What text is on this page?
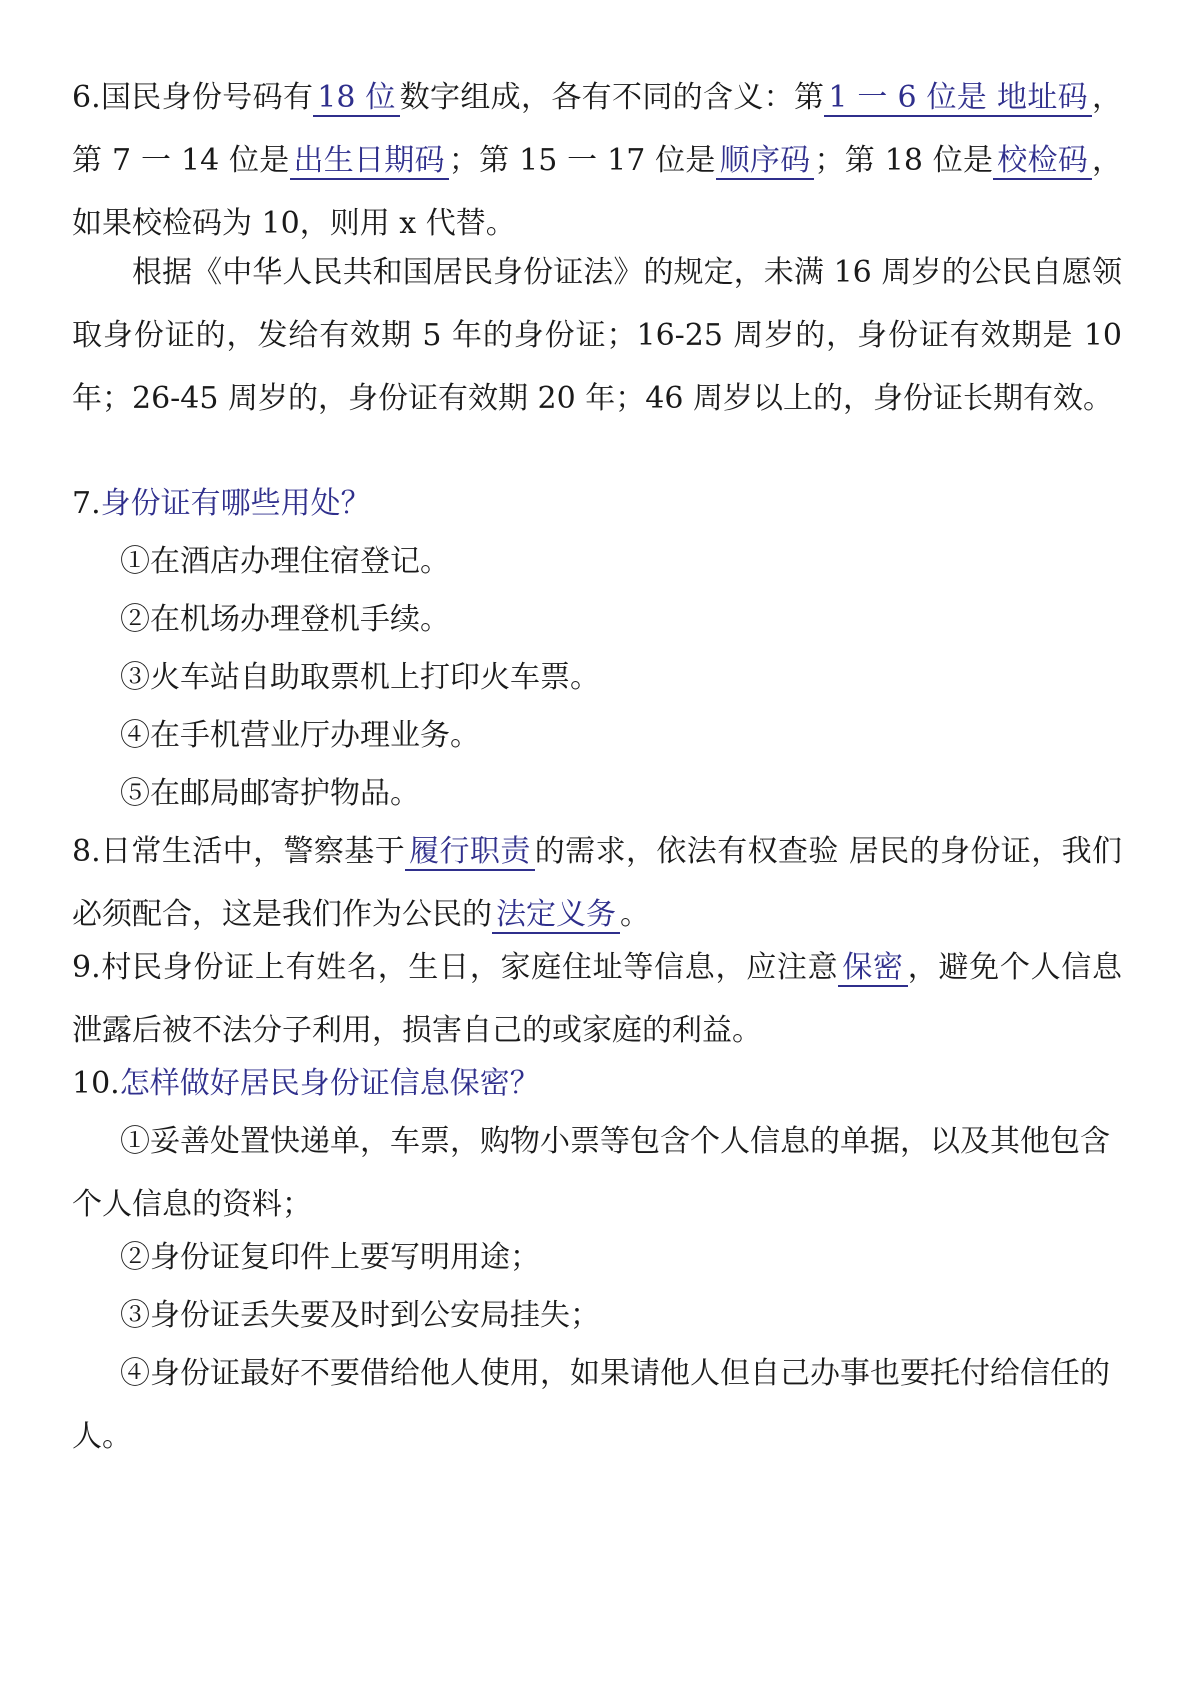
6.国民身份号码有 18 位 数字组成，各有不同的含义：第 1 一 6 位是 地址码 ，第 7 一 14 位是 出生日期码 ；第 15 一 17 位是 顺序码 ；第 18 位是 校检码 ，如果校检码为 10，则用 x 代替。
根据《中华人民共和国居民身份证法》的规定，未满 16 周岁的公民自愿领取身份证的，发给有效期 5 年的身份证；16-25 周岁的，身份证有效期是 10 年；26-45 周岁的，身份证有效期 20 年；46 周岁以上的，身份证长期有效。
7.身份证有哪些用处？
①在酒店办理住宿登记。
②在机场办理登机手续。
③火车站自助取票机上打印火车票。
④在手机营业厅办理业务。
⑤在邮局邮寄护物品。
8.日常生活中，警察基于 履行职责 的需求，依法有权查验 居民的身份证，我们必须配合，这是我们作为公民的 法定义务 。
9.村民身份证上有姓名，生日，家庭住址等信息，应注意 保密 ，避免个人信息泄露后被不法分子利用，损害自己的或家庭的利益。
10.怎样做好居民身份证信息保密？
①妥善处置快递单，车票，购物小票等包含个人信息的单据，以及其他包含个人信息的资料；
②身份证复印件上要写明用途；
③身份证丢失要及时到公安局挂失；
④身份证最好不要借给他人使用，如果请他人但自己办事也要托付给信任的人。
